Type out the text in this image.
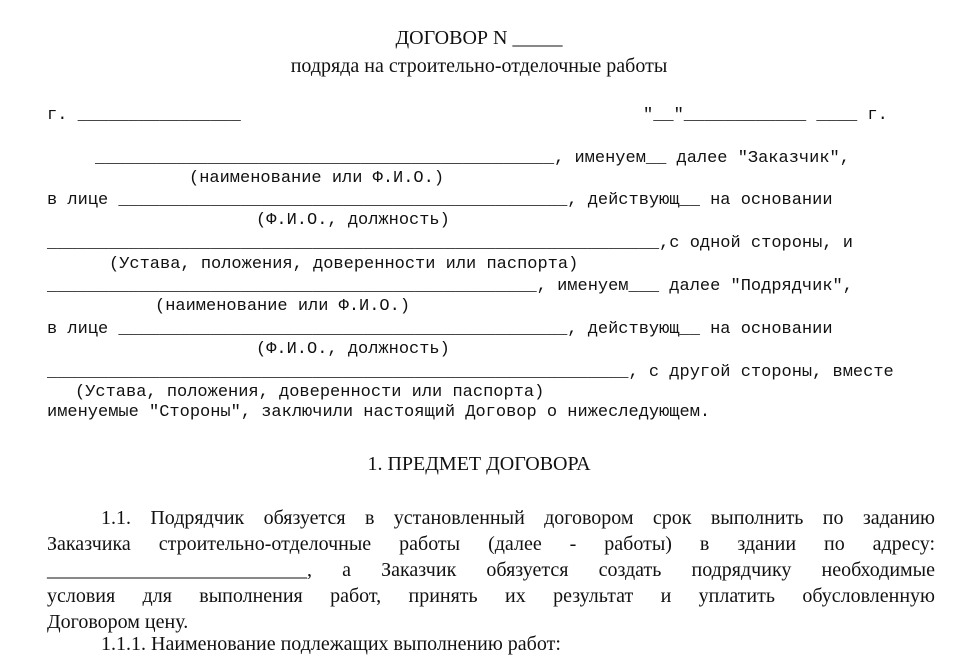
ДОГОВОР N _____
подряда на строительно-отделочные работы
г. ________________	"__"____________ ____ г.
_____________________________________________, именуем__ далее "Заказчик",
(наименование или Ф.И.О.)
в лице ____________________________________________, действующ__ на основании
(Ф.И.О., должность)
____________________________________________________________,с одной стороны, и
(Устава, положения, доверенности или паспорта)
________________________________________________, именуем___ далее "Подрядчик",
(наименование или Ф.И.О.)
в лице ____________________________________________, действующ__ на основании
(Ф.И.О., должность)
_________________________________________________________, с другой стороны, вместе
(Устава, положения, доверенности или паспорта)
именуемые "Стороны", заключили настоящий Договор о нижеследующем.
1. ПРЕДМЕТ ДОГОВОРА
1.1. Подрядчик обязуется в установленный договором срок выполнить по заданию
Заказчика строительно-отделочные работы (далее - работы) в здании по адресу:
__________________________, а Заказчик обязуется создать подрядчику необходимые
условия для выполнения работ, принять их результат и уплатить обусловленную
Договором цену.
1.1.1. Наименование подлежащих выполнению работ:
